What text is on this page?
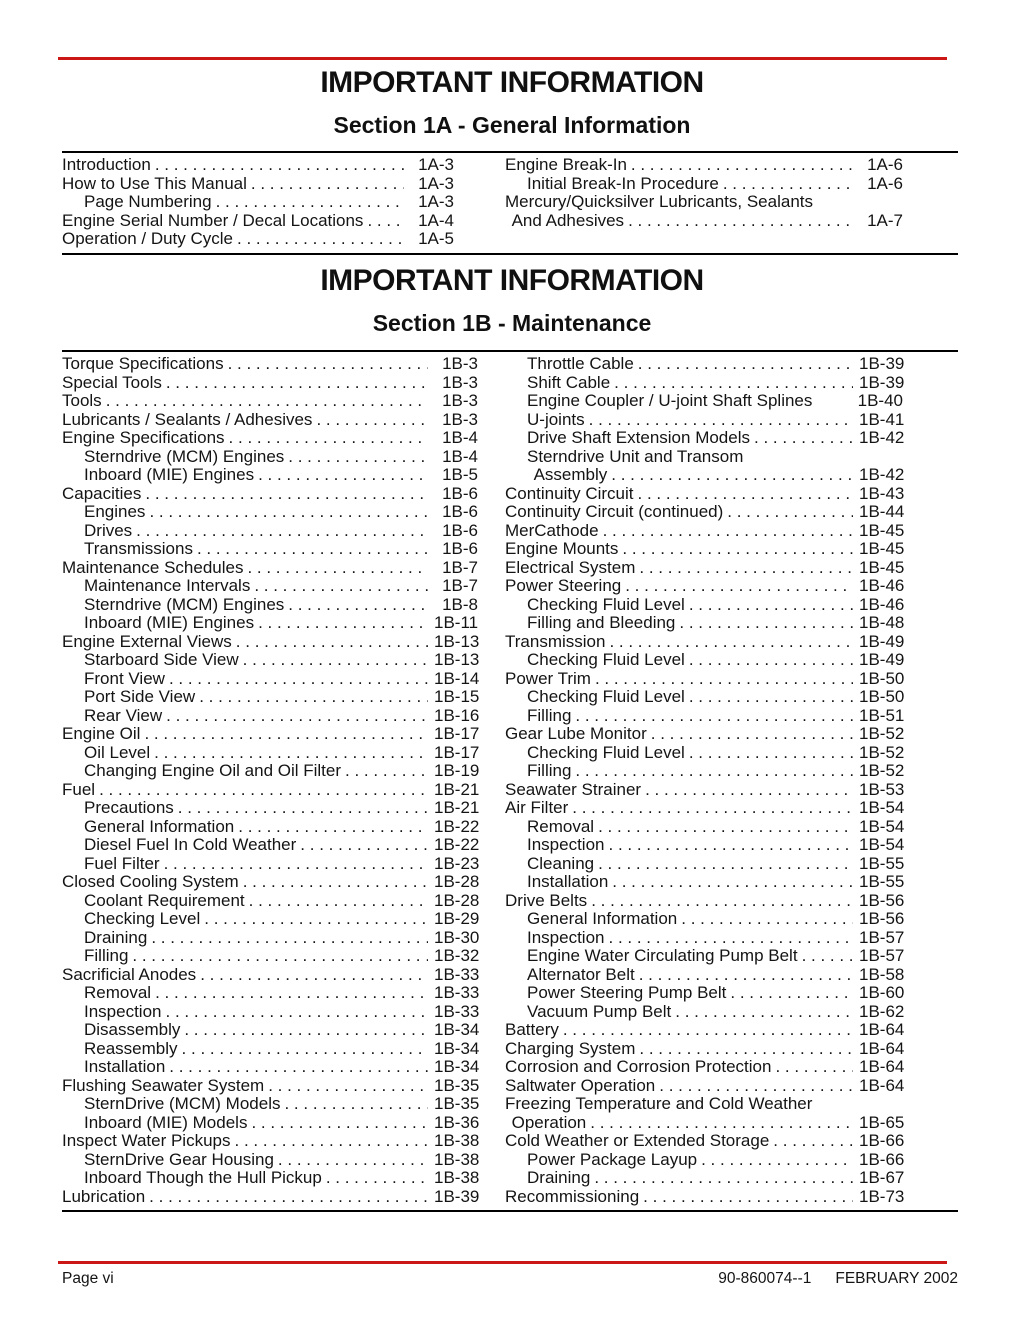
IMPORTANT INFORMATION
Section 1A - General Information
Introduction . . .	1A-3
How to Use This Manual . . .	1A-3
Page Numbering . . .	1A-3
Engine Serial Number / Decal Locations . . .	1A-4
Operation / Duty Cycle . . .	1A-5
Engine Break-In . . .	1A-6
Initial Break-In Procedure . . .	1A-6
Mercury/Quicksilver Lubricants, Sealants
And Adhesives . . .	1A-7
IMPORTANT INFORMATION
Section 1B - Maintenance
Torque Specifications . . .	1B-3
Special Tools . . .	1B-3
Tools . . .	1B-3
Lubricants / Sealants / Adhesives . . .	1B-3
Engine Specifications . . .	1B-4
Sterndrive (MCM) Engines . . .	1B-4
Inboard (MIE) Engines . . .	1B-5
Capacities . . .	1B-6
Engines . . .	1B-6
Drives . . .	1B-6
Transmissions . . .	1B-6
Maintenance Schedules . . .	1B-7
Maintenance Intervals . . .	1B-7
Sterndrive (MCM) Engines . . .	1B-8
Inboard (MIE) Engines . . .	1B-11
Engine External Views . . .	1B-13
Starboard Side View . . .	1B-13
Front View . . .	1B-14
Port Side View . . .	1B-15
Rear View . . .	1B-16
Engine Oil . . .	1B-17
Oil Level . . .	1B-17
Changing Engine Oil and Oil Filter . . .	1B-19
Fuel . . .	1B-21
Precautions . . .	1B-21
General Information . . .	1B-22
Diesel Fuel In Cold Weather . . .	1B-22
Fuel Filter . . .	1B-23
Closed Cooling System . . .	1B-28
Coolant Requirement . . .	1B-28
Checking Level . . .	1B-29
Draining . . .	1B-30
Filling . . .	1B-32
Sacrificial Anodes . . .	1B-33
Removal . . .	1B-33
Inspection . . .	1B-33
Disassembly . . .	1B-34
Reassembly . . .	1B-34
Installation . . .	1B-34
Flushing Seawater System . . .	1B-35
SternDrive (MCM) Models . . .	1B-35
Inboard (MIE) Models . . .	1B-36
Inspect Water Pickups . . .	1B-38
SternDrive Gear Housing . . .	1B-38
Inboard Though the Hull Pickup . . .	1B-38
Lubrication . . .	1B-39
Throttle Cable . . .	1B-39
Shift Cable . . .	1B-39
Engine Coupler / U-joint Shaft Splines	1B-40
U-joints . . .	1B-41
Drive Shaft Extension Models . . .	1B-42
Sterndrive Unit and Transom
Assembly . . .	1B-42
Continuity Circuit . . .	1B-43
Continuity Circuit (continued) . . .	1B-44
MerCathode . . .	1B-45
Engine Mounts . . .	1B-45
Electrical System . . .	1B-45
Power Steering . . .	1B-46
Checking Fluid Level . . .	1B-46
Filling and Bleeding . . .	1B-48
Transmission . . .	1B-49
Checking Fluid Level . . .	1B-49
Power Trim . . .	1B-50
Checking Fluid Level . . .	1B-50
Filling . . .	1B-51
Gear Lube Monitor . . .	1B-52
Checking Fluid Level . . .	1B-52
Filling . . .	1B-52
Seawater Strainer . . .	1B-53
Air Filter . . .	1B-54
Removal . . .	1B-54
Inspection . . .	1B-54
Cleaning . . .	1B-55
Installation . . .	1B-55
Drive Belts . . .	1B-56
General Information . . .	1B-56
Inspection . . .	1B-57
Engine Water Circulating Pump Belt . . .	1B-57
Alternator Belt . . .	1B-58
Power Steering Pump Belt . . .	1B-60
Vacuum Pump Belt . . .	1B-62
Battery . . .	1B-64
Charging System . . .	1B-64
Corrosion and Corrosion Protection . . .	1B-64
Saltwater Operation . . .	1B-64
Freezing Temperature and Cold Weather
Operation . . .	1B-65
Cold Weather or Extended Storage . . .	1B-66
Power Package Layup . . .	1B-66
Draining . . .	1B-67
Recommissioning . . .	1B-73
Page vi	90-860074--1 FEBRUARY 2002
